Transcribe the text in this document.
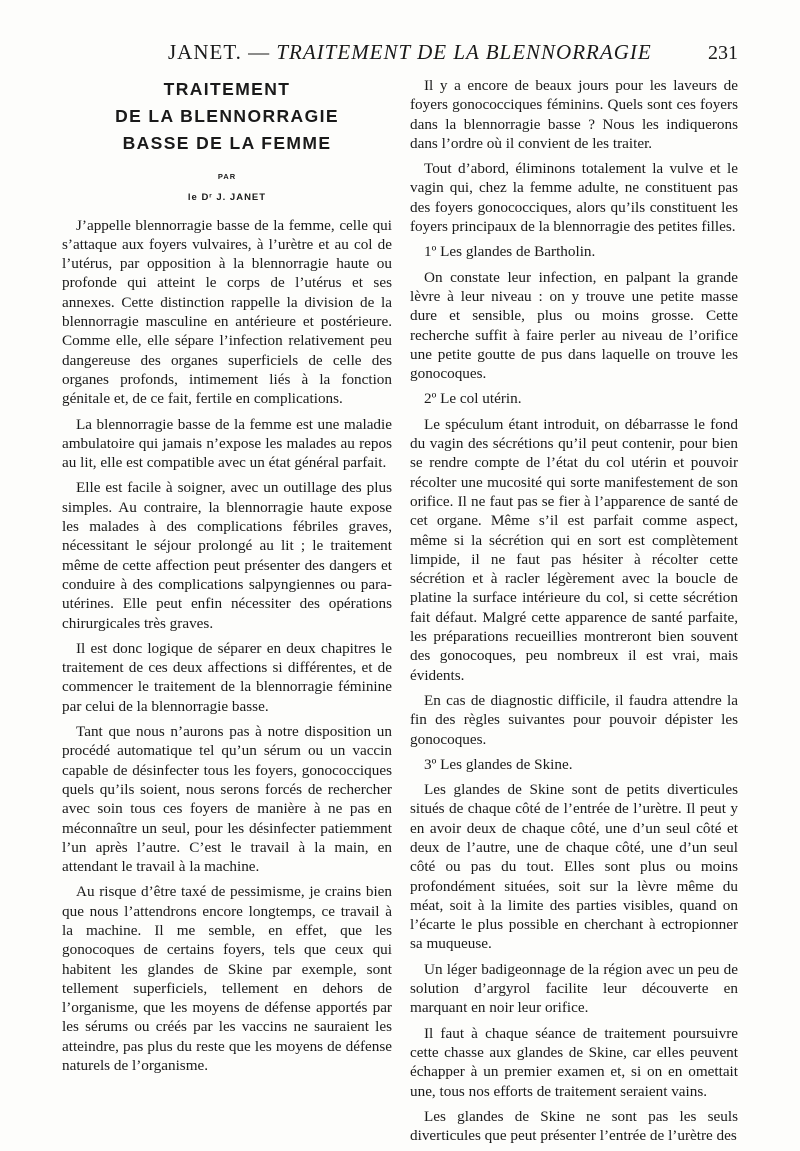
JANET. — TRAITEMENT DE LA BLENNORRAGIE	231
TRAITEMENT
DE LA BLENNORRAGIE
BASSE DE LA FEMME
PAR
le Dʳ J. JANET

J’appelle blennorragie basse de la femme, celle qui s’attaque aux foyers vulvaires, à l’urètre et au col de l’utérus, par opposition à la blennorragie haute ou profonde qui atteint le corps de l’utérus et ses annexes. Cette distinction rappelle la division de la blennorragie masculine en antérieure et postérieure. Comme elle, elle sépare l’infection relativement peu dangereuse des organes superficiels de celle des organes profonds, intimement liés à la fonction génitale et, de ce fait, fertile en complications.

La blennorragie basse de la femme est une maladie ambulatoire qui jamais n’expose les malades au repos au lit, elle est compatible avec un état général parfait.

Elle est facile à soigner, avec un outillage des plus simples. Au contraire, la blennorragie haute expose les malades à des complications fébriles graves, nécessitant le séjour prolongé au lit ; le traitement même de cette affection peut présenter des dangers et conduire à des complications salpyngiennes ou para-utérines. Elle peut enfin nécessiter des opérations chirurgicales très graves.

Il est donc logique de séparer en deux chapitres le traitement de ces deux affections si différentes, et de commencer le traitement de la blennorragie féminine par celui de la blennorragie basse.

Tant que nous n’aurons pas à notre disposition un procédé automatique tel qu’un sérum ou un vaccin capable de désinfecter tous les foyers, gonococciques quels qu’ils soient, nous serons forcés de rechercher avec soin tous ces foyers de manière à ne pas en méconnaître un seul, pour les désinfecter patiemment l’un après l’autre. C’est le travail à la main, en attendant le travail à la machine.

Au risque d’être taxé de pessimisme, je crains bien que nous l’attendrons encore longtemps, ce travail à la machine. Il me semble, en effet, que les gonocoques de certains foyers, tels que ceux qui habitent les glandes de Skine par exemple, sont tellement superficiels, tellement en dehors de l’organisme, que les moyens de défense apportés par les sérums ou créés par les vaccins ne sauraient les atteindre, pas plus du reste que les moyens de défense naturels de l’organisme.

Il y a encore de beaux jours pour les laveurs de foyers gonococciques féminins. Quels sont ces foyers dans la blennorragie basse ? Nous les indiquerons dans l’ordre où il convient de les traiter.

Tout d’abord, éliminons totalement la vulve et le vagin qui, chez la femme adulte, ne constituent pas des foyers gonococciques, alors qu’ils constituent les foyers principaux de la blennorragie des petites filles.

1º Les glandes de Bartholin.

On constate leur infection, en palpant la grande lèvre à leur niveau : on y trouve une petite masse dure et sensible, plus ou moins grosse. Cette recherche suffit à faire perler au niveau de l’orifice une petite goutte de pus dans laquelle on trouve les gonocoques.

2º Le col utérin.

Le spéculum étant introduit, on débarrasse le fond du vagin des sécrétions qu’il peut contenir, pour bien se rendre compte de l’état du col utérin et pouvoir récolter une mucosité qui sorte manifestement de son orifice. Il ne faut pas se fier à l’apparence de santé de cet organe. Même s’il est parfait comme aspect, même si la sécrétion qui en sort est complètement limpide, il ne faut pas hésiter à récolter cette sécrétion et à racler légèrement avec la boucle de platine la surface intérieure du col, si cette sécrétion fait défaut. Malgré cette apparence de santé parfaite, les préparations recueillies montreront bien souvent des gonocoques, peu nombreux il est vrai, mais évidents.

En cas de diagnostic difficile, il faudra attendre la fin des règles suivantes pour pouvoir dépister les gonocoques.

3º Les glandes de Skine.

Les glandes de Skine sont de petits diverticules situés de chaque côté de l’entrée de l’urètre. Il peut y en avoir deux de chaque côté, une d’un seul côté et deux de l’autre, une de chaque côté, une d’un seul côté ou pas du tout. Elles sont plus ou moins profondément situées, soit sur la lèvre même du méat, soit à la limite des parties visibles, quand on l’écarte le plus possible en cherchant à ectropionner sa muqueuse.

Un léger badigeonnage de la région avec un peu de solution d’argyrol facilite leur découverte en marquant en noir leur orifice.

Il faut à chaque séance de traitement poursuivre cette chasse aux glandes de Skine, car elles peuvent échapper à un premier examen et, si on en omettait une, tous nos efforts de traitement seraient vains.

Les glandes de Skine ne sont pas les seuls diverticules que peut présenter l’entrée de l’urètre des
